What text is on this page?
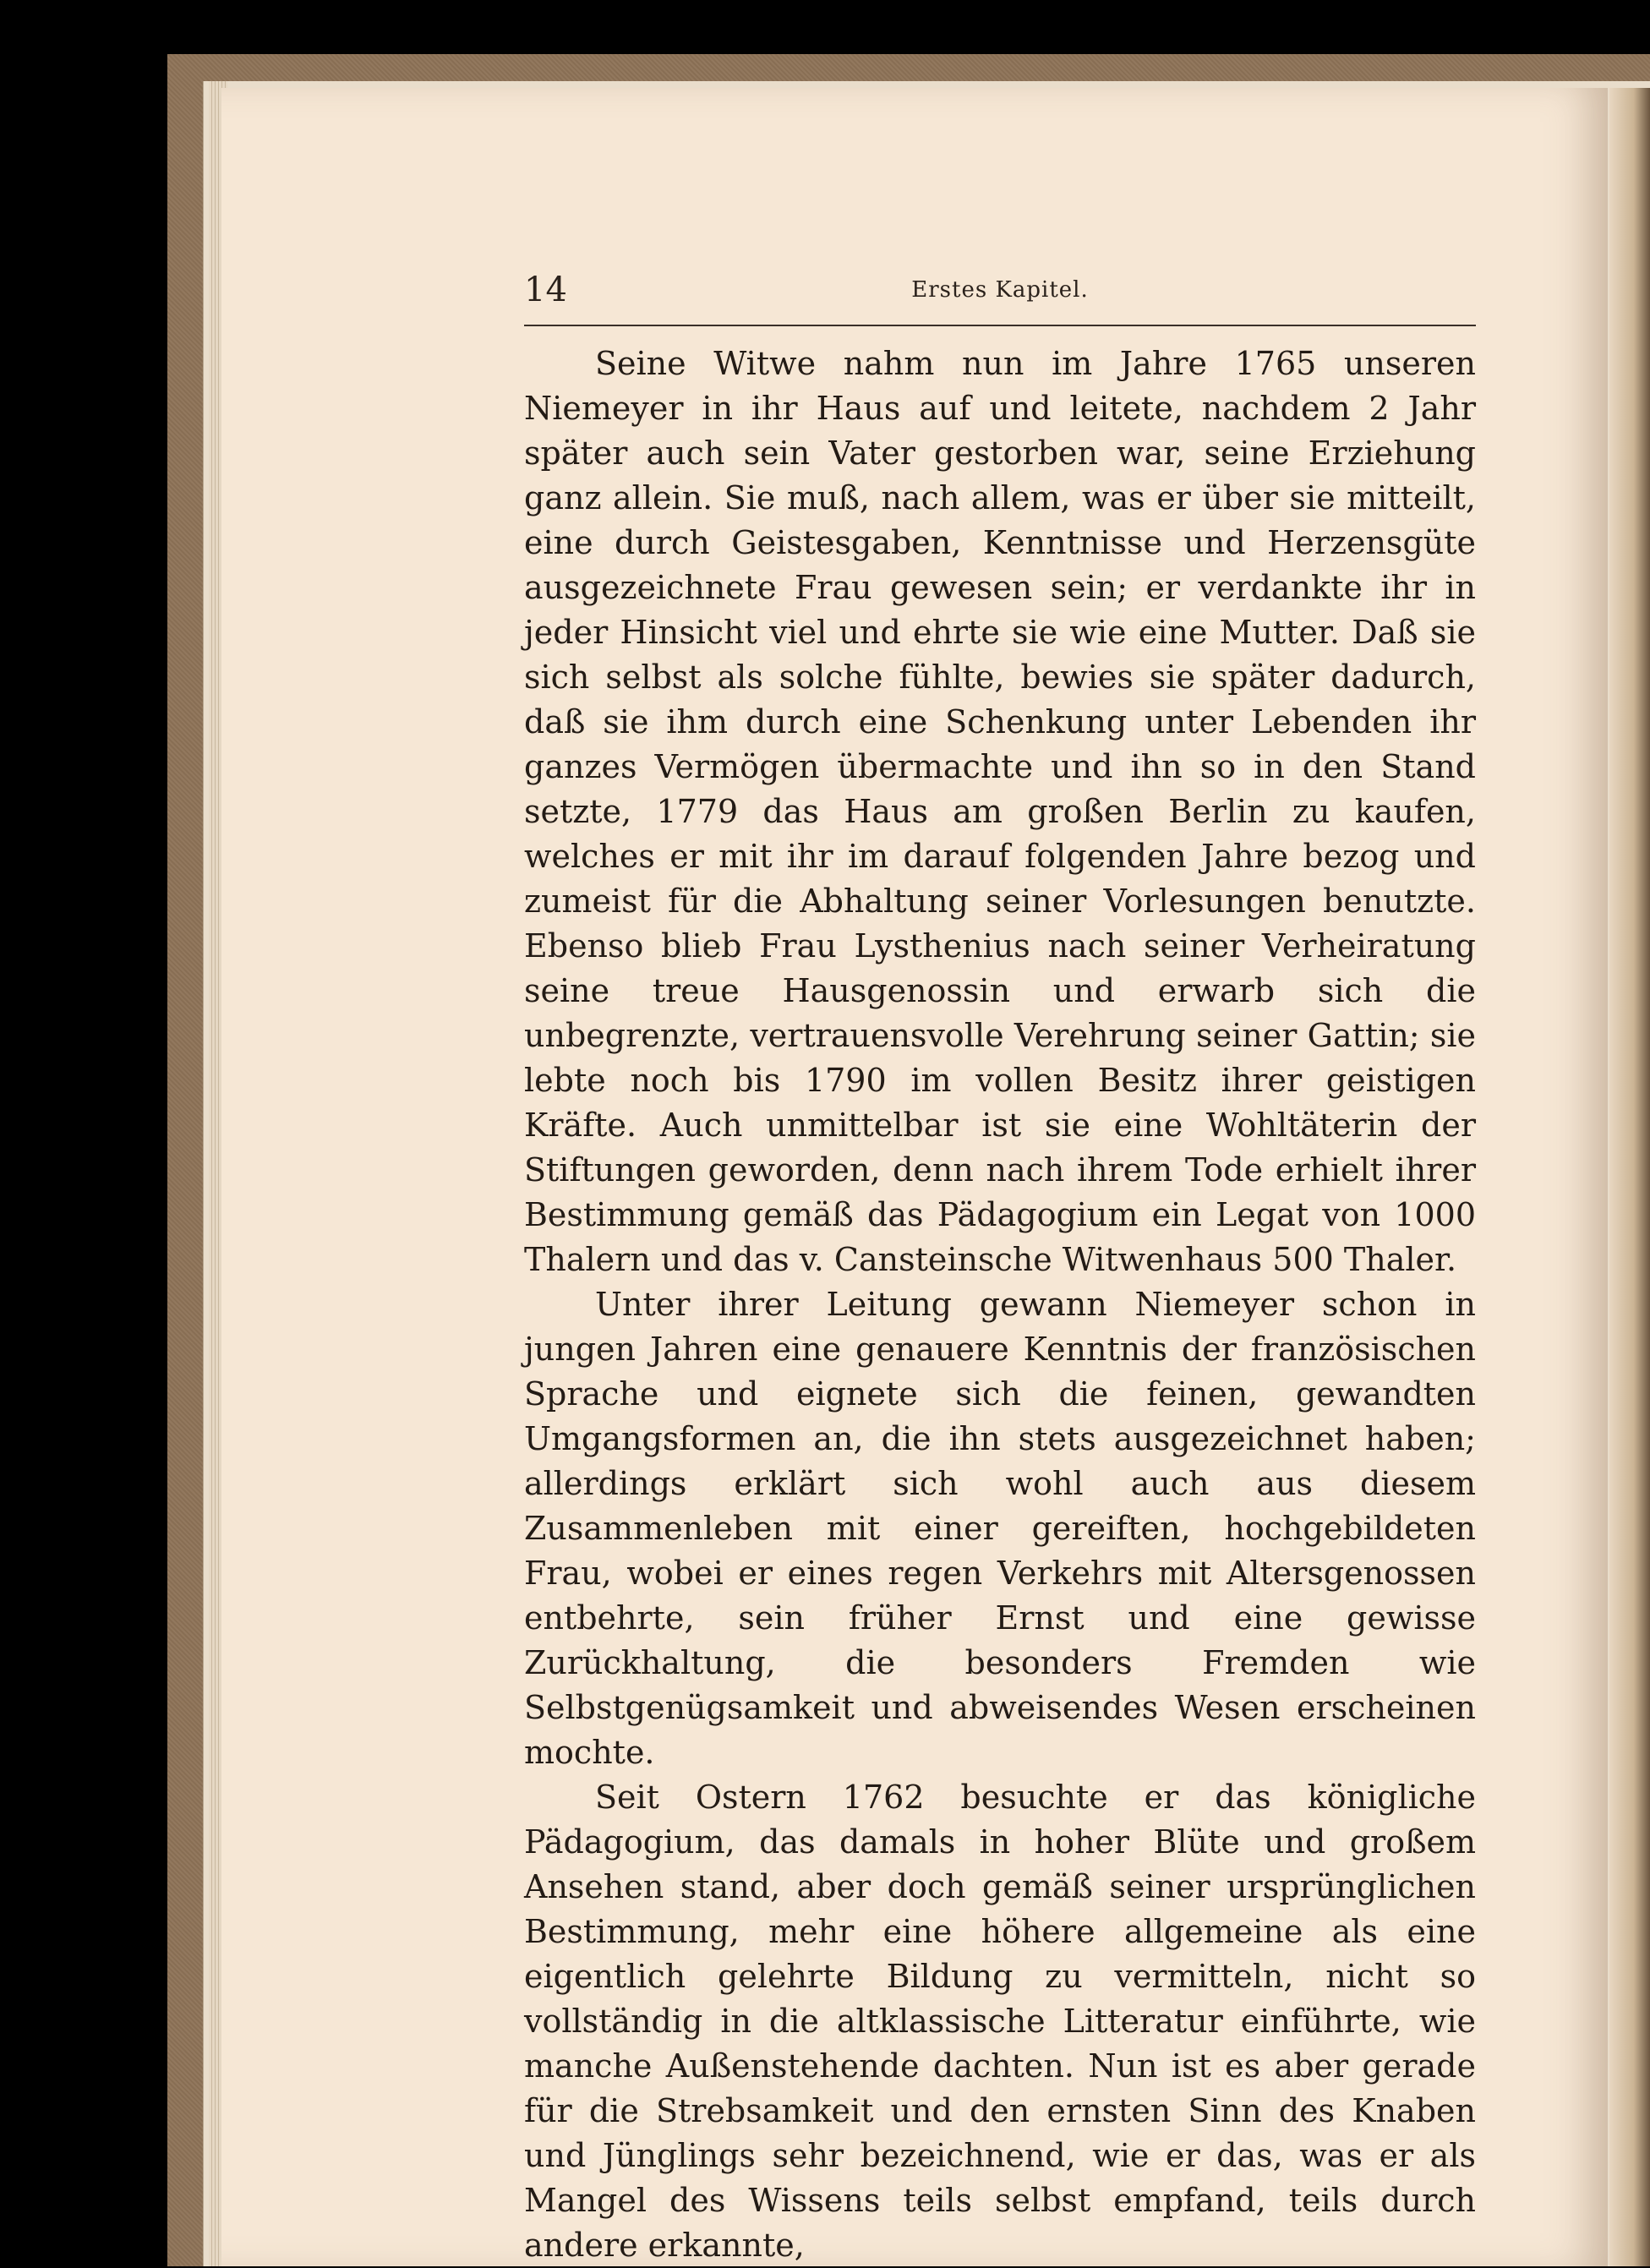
14	Erstes Kapitel.

Seine Witwe nahm nun im Jahre 1765 unseren Niemeyer in ihr Haus auf und leitete, nachdem 2 Jahr später auch sein Vater gestorben war, seine Erziehung ganz allein. Sie muß, nach allem, was er über sie mitteilt, eine durch Geistesgaben, Kenntnisse und Herzensgüte ausgezeichnete Frau gewesen sein; er verdankte ihr in jeder Hinsicht viel und ehrte sie wie eine Mutter. Daß sie sich selbst als solche fühlte, bewies sie später dadurch, daß sie ihm durch eine Schenkung unter Lebenden ihr ganzes Vermögen übermachte und ihn so in den Stand setzte, 1779 das Haus am großen Berlin zu kaufen, welches er mit ihr im darauf folgenden Jahre bezog und zumeist für die Abhaltung seiner Vorlesungen benutzte. Ebenso blieb Frau Lysthenius nach seiner Verheiratung seine treue Hausgenossin und erwarb sich die unbegrenzte, vertrauensvolle Verehrung seiner Gattin; sie lebte noch bis 1790 im vollen Besitz ihrer geistigen Kräfte. Auch unmittelbar ist sie eine Wohltäterin der Stiftungen geworden, denn nach ihrem Tode erhielt ihrer Bestimmung gemäß das Pädagogium ein Legat von 1000 Thalern und das v. Cansteinsche Witwenhaus 500 Thaler.

Unter ihrer Leitung gewann Niemeyer schon in jungen Jahren eine genauere Kenntnis der französischen Sprache und eignete sich die feinen, gewandten Umgangsformen an, die ihn stets ausgezeichnet haben; allerdings erklärt sich wohl auch aus diesem Zusammenleben mit einer gereiften, hochgebildeten Frau, wobei er eines regen Verkehrs mit Altersgenossen entbehrte, sein früher Ernst und eine gewisse Zurückhaltung, die besonders Fremden wie Selbstgenügsamkeit und abweisendes Wesen erscheinen mochte.

Seit Ostern 1762 besuchte er das königliche Pädagogium, das damals in hoher Blüte und großem Ansehen stand, aber doch gemäß seiner ursprünglichen Bestimmung, mehr eine höhere allgemeine als eine eigentlich gelehrte Bildung zu vermitteln, nicht so vollständig in die altklassische Litteratur einführte, wie manche Außenstehende dachten. Nun ist es aber gerade für die Strebsamkeit und den ernsten Sinn des Knaben und Jünglings sehr bezeichnend, wie er das, was er als Mangel des Wissens teils selbst empfand, teils durch andere erkannte,
